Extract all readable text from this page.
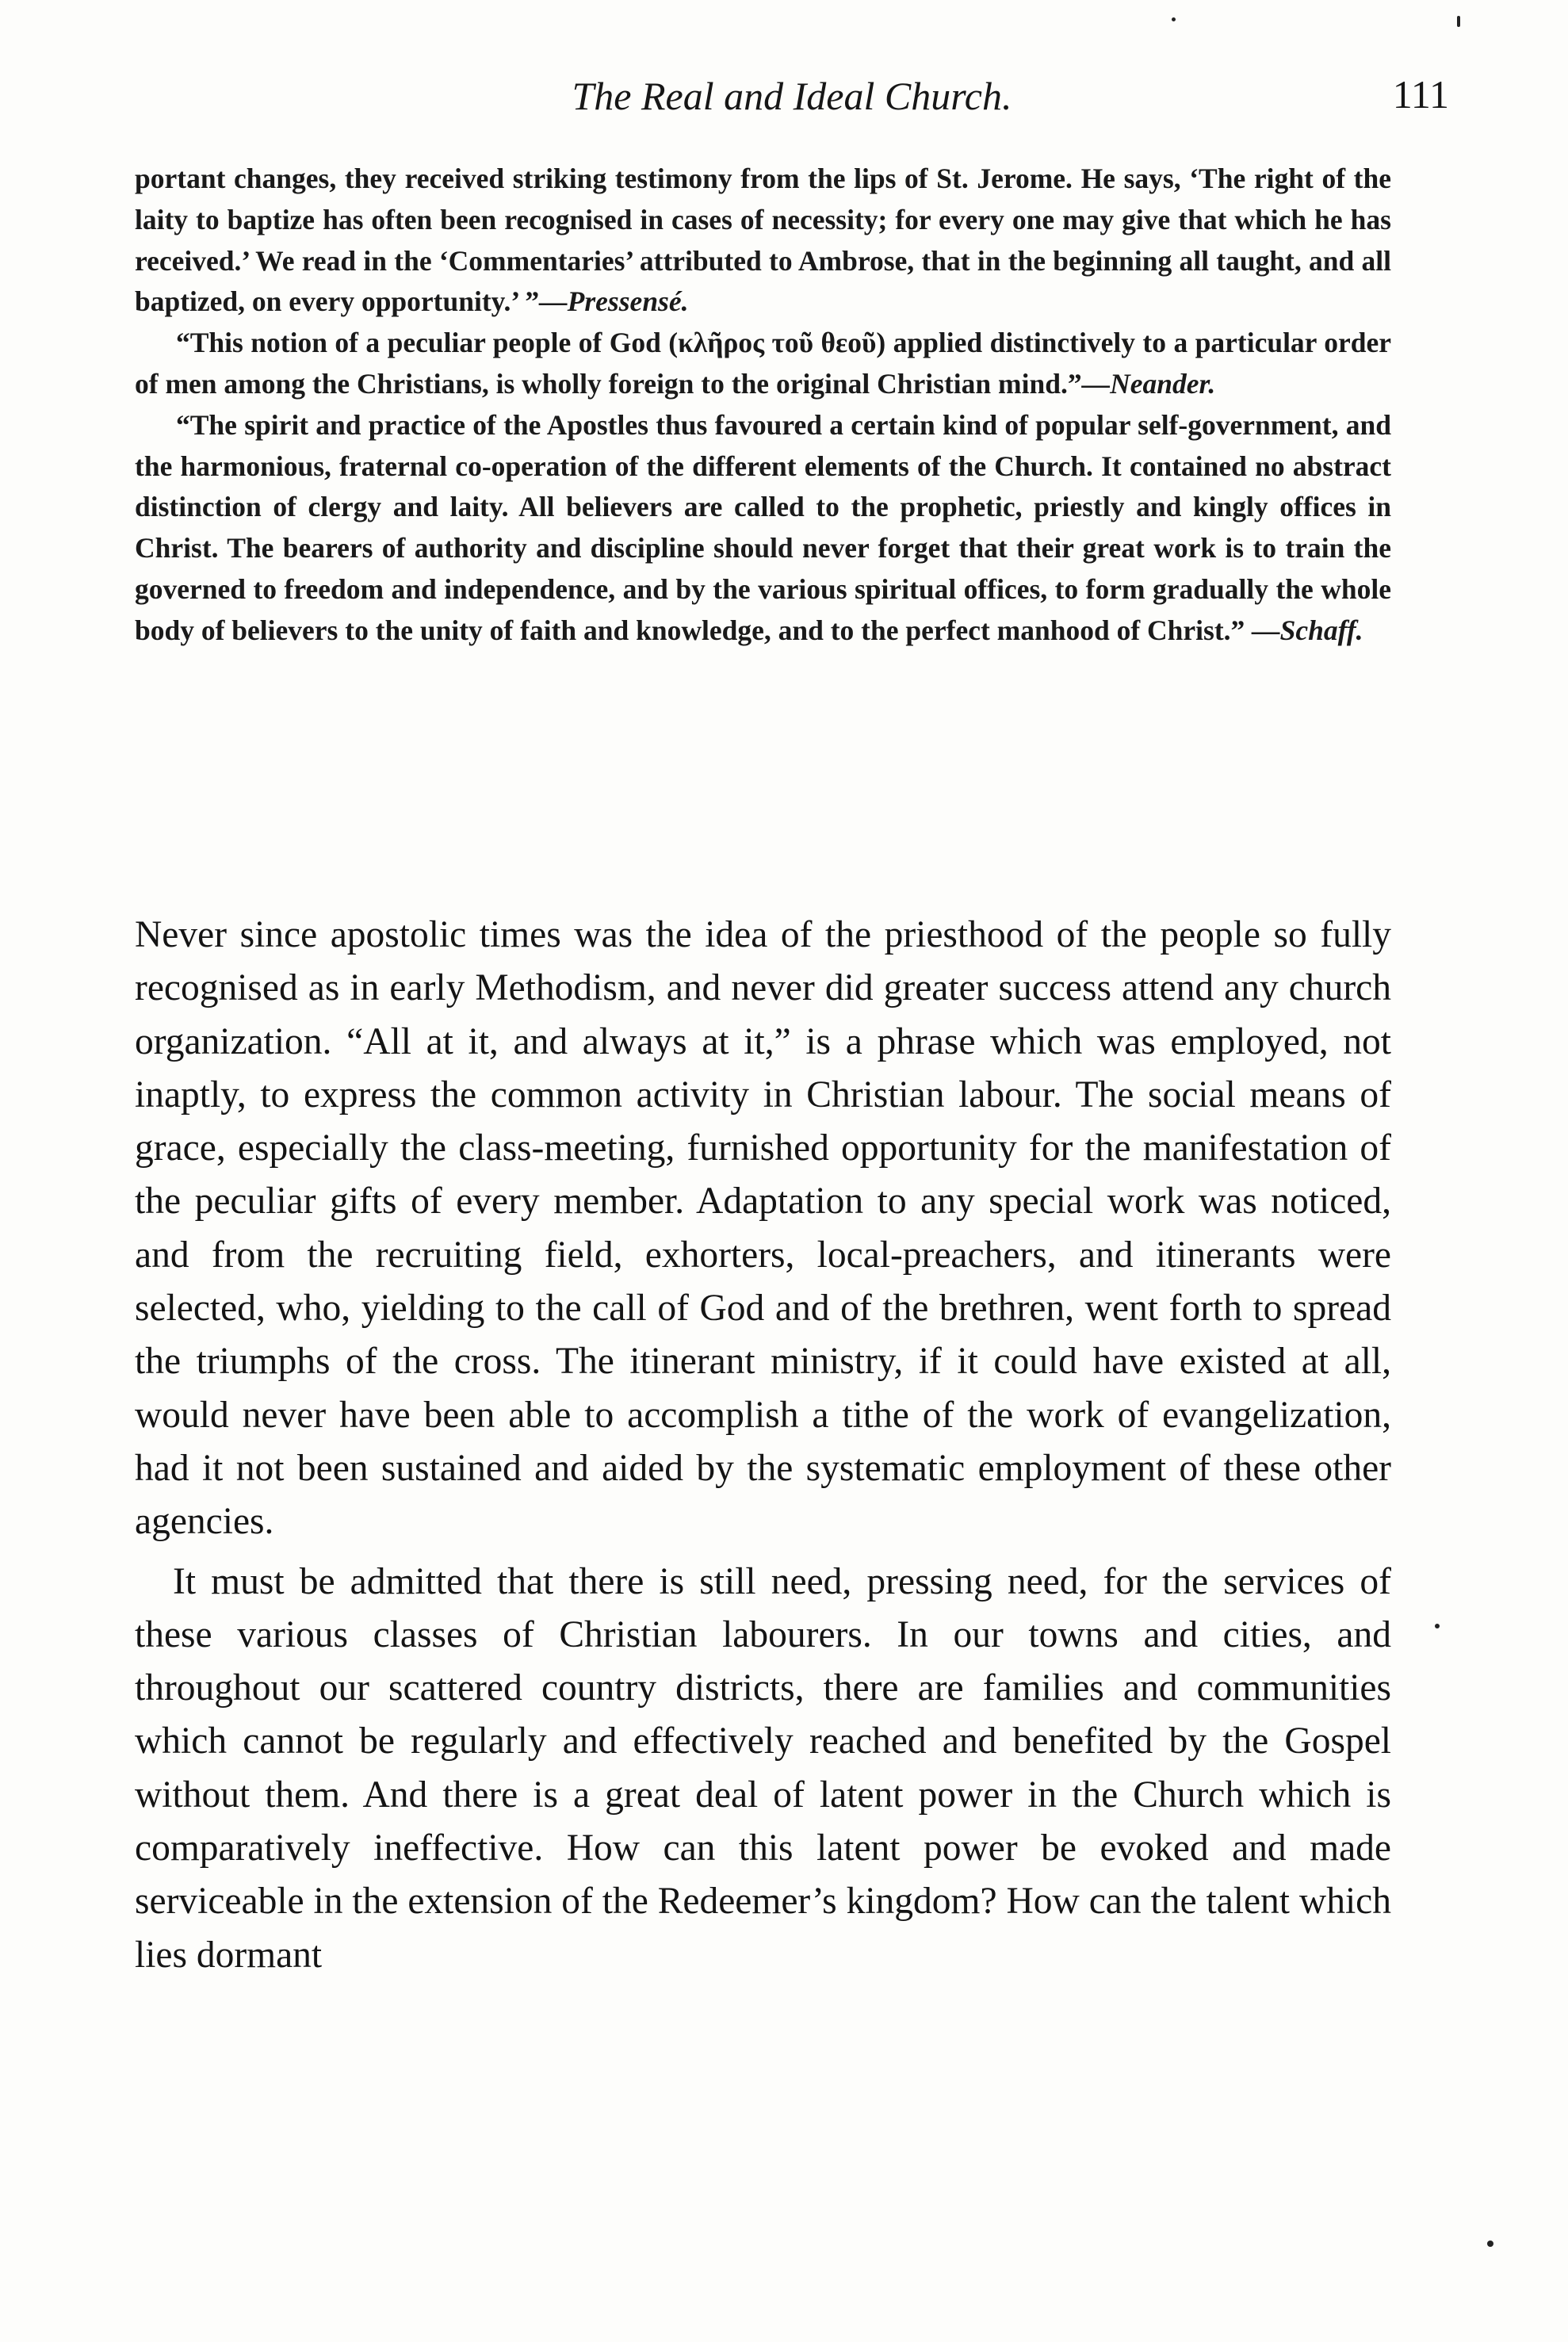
The Real and Ideal Church.	111

portant changes, they received striking testimony from the lips of St. Jerome. He says, ‘The right of the laity to baptize has often been recognised in cases of necessity; for every one may give that which he has received.’ We read in the ‘Commentaries’ attributed to Ambrose, that in the beginning all taught, and all baptized, on every opportunity.’ ”—Pressensé.

“This notion of a peculiar people of God (κλῆρος τοῦ θεοῦ) applied distinctively to a particular order of men among the Christians, is wholly foreign to the original Christian mind.”—Neander.

“The spirit and practice of the Apostles thus favoured a certain kind of popular self-government, and the harmonious, fraternal co-operation of the different elements of the Church. It contained no abstract distinction of clergy and laity. All believers are called to the prophetic, priestly and kingly offices in Christ. The bearers of authority and discipline should never forget that their great work is to train the governed to freedom and independence, and by the various spiritual offices, to form gradually the whole body of believers to the unity of faith and knowledge, and to the perfect manhood of Christ.” —Schaff.

Never since apostolic times was the idea of the priesthood of the people so fully recognised as in early Methodism, and never did greater success attend any church organization. “All at it, and always at it,” is a phrase which was employed, not inaptly, to express the common activity in Christian labour. The social means of grace, especially the class-meeting, furnished opportunity for the manifestation of the peculiar gifts of every member. Adaptation to any special work was noticed, and from the recruiting field, exhorters, local-preachers, and itinerants were selected, who, yielding to the call of God and of the brethren, went forth to spread the triumphs of the cross. The itinerant ministry, if it could have existed at all, would never have been able to accomplish a tithe of the work of evangelization, had it not been sustained and aided by the systematic employment of these other agencies.

It must be admitted that there is still need, pressing need, for the services of these various classes of Christian labourers. In our towns and cities, and throughout our scattered country districts, there are families and communities which cannot be regularly and effectively reached and benefited by the Gospel without them. And there is a great deal of latent power in the Church which is comparatively ineffective. How can this latent power be evoked and made serviceable in the extension of the Redeemer’s kingdom? How can the talent which lies dormant
